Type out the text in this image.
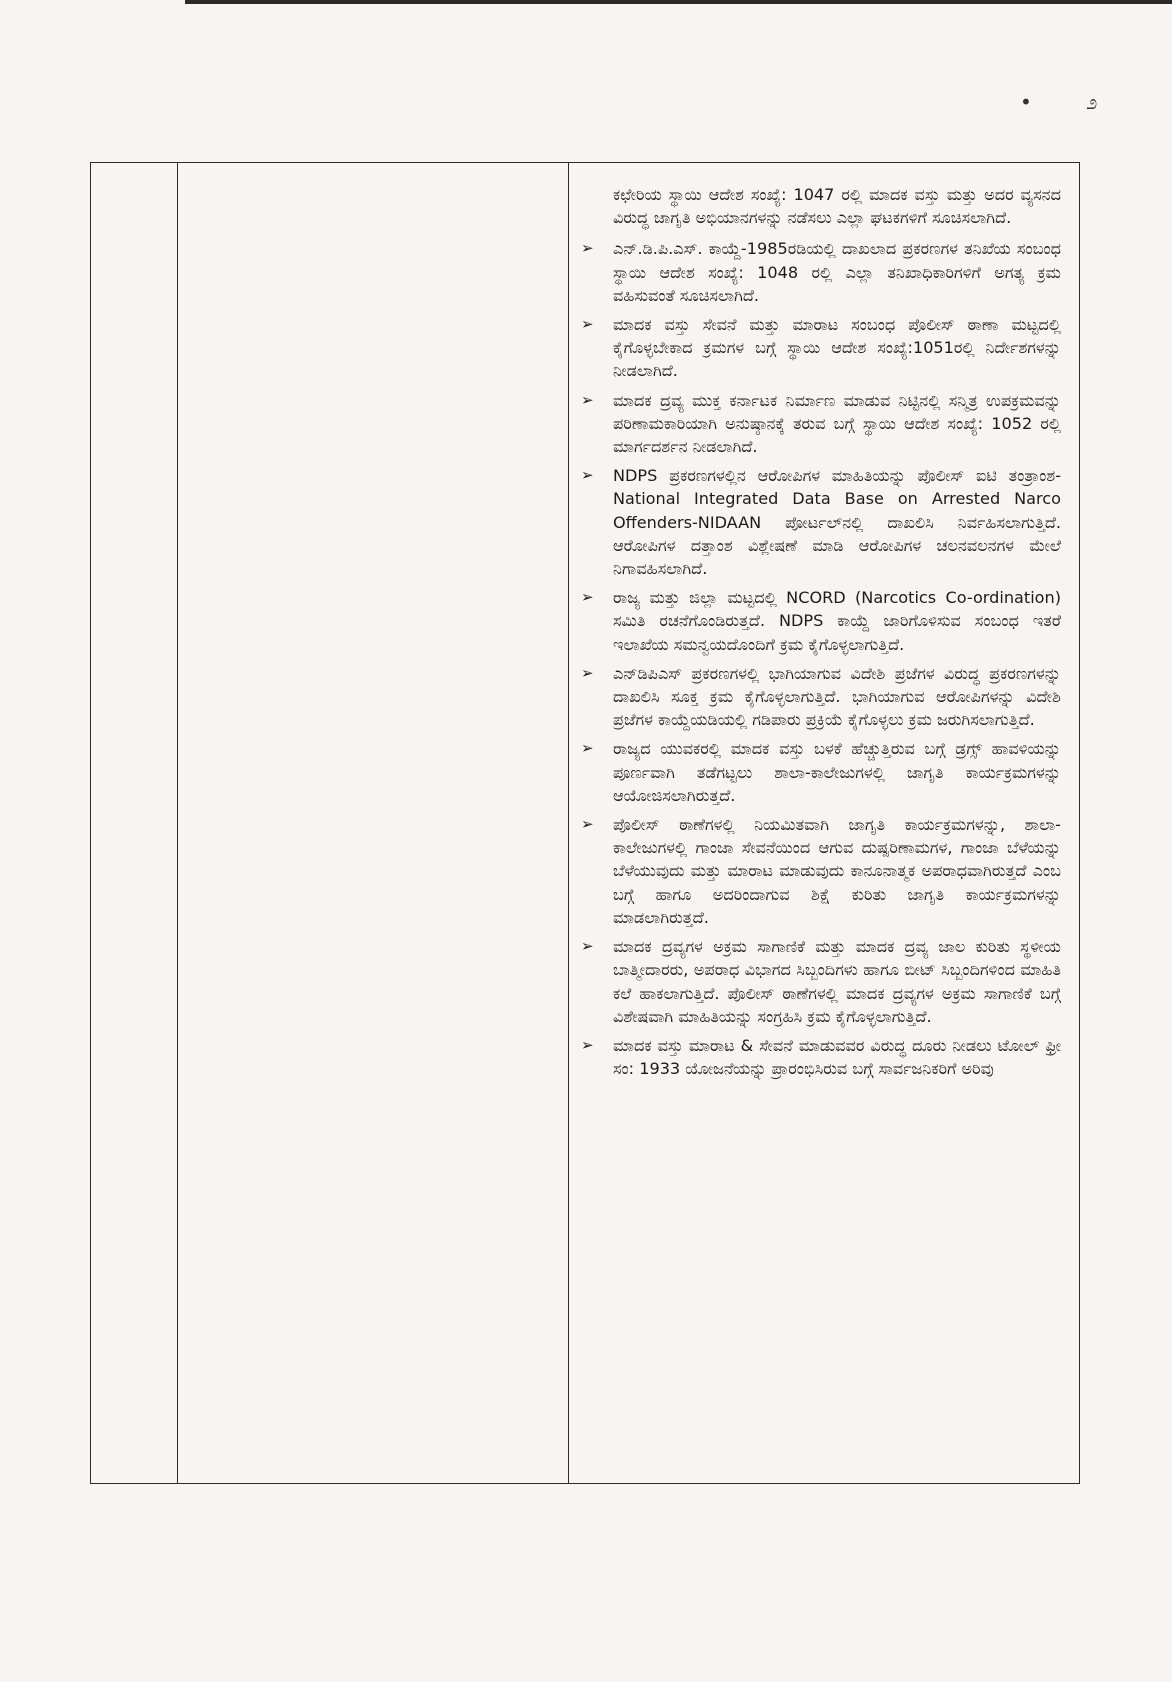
• ೨

ಕಛೇರಿಯ ಸ್ಥಾಯಿ ಆದೇಶ ಸಂಖ್ಯೆ: 1047 ರಲ್ಲಿ ಮಾದಕ ವಸ್ತು ಮತ್ತು ಅದರ ವ್ಯಸನದ ವಿರುದ್ಧ ಜಾಗೃತಿ ಅಭಿಯಾನಗಳನ್ನು ನಡೆಸಲು ಎಲ್ಲಾ ಘಟಕಗಳಿಗೆ ಸೂಚಿಸಲಾಗಿದೆ.

➢	ಎನ್.ಡಿ.ಪಿ.ಎಸ್. ಕಾಯ್ದೆ-1985ರಡಿಯಲ್ಲಿ ದಾಖಲಾದ ಪ್ರಕರಣಗಳ ತನಿಖೆಯ ಸಂಬಂಧ ಸ್ಥಾಯಿ ಆದೇಶ ಸಂಖ್ಯೆ: 1048 ರಲ್ಲಿ ಎಲ್ಲಾ ತನಿಖಾಧಿಕಾರಿಗಳಿಗೆ ಅಗತ್ಯ ಕ್ರಮ ವಹಿಸುವಂತೆ ಸೂಚಿಸಲಾಗಿದೆ.
➢	ಮಾದಕ ವಸ್ತು ಸೇವನೆ ಮತ್ತು ಮಾರಾಟ ಸಂಬಂಧ ಪೊಲೀಸ್ ಠಾಣಾ ಮಟ್ಟದಲ್ಲಿ ಕೈಗೊಳ್ಳಬೇಕಾದ ಕ್ರಮಗಳ ಬಗ್ಗೆ ಸ್ಥಾಯಿ ಆದೇಶ ಸಂಖ್ಯೆ:1051ರಲ್ಲಿ ನಿರ್ದೇಶಗಳನ್ನು ನೀಡಲಾಗಿದೆ.
➢	ಮಾದಕ ದ್ರವ್ಯ ಮುಕ್ತ ಕರ್ನಾಟಕ ನಿರ್ಮಾಣ ಮಾಡುವ ನಿಟ್ಟಿನಲ್ಲಿ ಸನ್ಮಿತ್ರ ಉಪಕ್ರಮವನ್ನು ಪರಿಣಾಮಕಾರಿಯಾಗಿ ಅನುಷ್ಠಾನಕ್ಕೆ ತರುವ ಬಗ್ಗೆ ಸ್ಥಾಯಿ ಆದೇಶ ಸಂಖ್ಯೆ: 1052 ರಲ್ಲಿ ಮಾರ್ಗದರ್ಶನ ನೀಡಲಾಗಿದೆ.
➢	NDPS ಪ್ರಕರಣಗಳಲ್ಲಿನ ಆರೋಪಿಗಳ ಮಾಹಿತಿಯನ್ನು ಪೊಲೀಸ್ ಐಟಿ ತಂತ್ರಾಂಶ-National Integrated Data Base on Arrested Narco Offenders-NIDAAN ಪೋರ್ಟಲ್‌ನಲ್ಲಿ ದಾಖಲಿಸಿ ನಿರ್ವಹಿಸಲಾಗುತ್ತಿದೆ. ಆರೋಪಿಗಳ ದತ್ತಾಂಶ ವಿಶ್ಲೇಷಣೆ ಮಾಡಿ ಆರೋಪಿಗಳ ಚಲನವಲನಗಳ ಮೇಲೆ ನಿಗಾವಹಿಸಲಾಗಿದೆ.
➢	ರಾಜ್ಯ ಮತ್ತು ಜಿಲ್ಲಾ ಮಟ್ಟದಲ್ಲಿ NCORD (Narcotics Co-ordination) ಸಮಿತಿ ರಚನೆಗೊಂಡಿರುತ್ತದೆ. NDPS ಕಾಯ್ದೆ ಜಾರಿಗೊಳಿಸುವ ಸಂಬಂಧ ಇತರೆ ಇಲಾಖೆಯ ಸಮನ್ವಯದೊಂದಿಗೆ ಕ್ರಮ ಕೈಗೊಳ್ಳಲಾಗುತ್ತಿದೆ.
➢	ಎನ್‌ಡಿಪಿಎಸ್ ಪ್ರಕರಣಗಳಲ್ಲಿ ಭಾಗಿಯಾಗುವ ವಿದೇಶಿ ಪ್ರಜೆಗಳ ವಿರುದ್ಧ ಪ್ರಕರಣಗಳನ್ನು ದಾಖಲಿಸಿ ಸೂಕ್ತ ಕ್ರಮ ಕೈಗೊಳ್ಳಲಾಗುತ್ತಿದೆ. ಭಾಗಿಯಾಗುವ ಆರೋಪಿಗಳನ್ನು ವಿದೇಶಿ ಪ್ರಜೆಗಳ ಕಾಯ್ದೆಯಡಿಯಲ್ಲಿ ಗಡಿಪಾರು ಪ್ರಕ್ರಿಯೆ ಕೈಗೊಳ್ಳಲು ಕ್ರಮ ಜರುಗಿಸಲಾಗುತ್ತಿದೆ.
➢	ರಾಜ್ಯದ ಯುವಕರಲ್ಲಿ ಮಾದಕ ವಸ್ತು ಬಳಕೆ ಹೆಚ್ಚುತ್ತಿರುವ ಬಗ್ಗೆ ಡ್ರಗ್ಸ್ ಹಾವಳಿಯನ್ನು ಪೂರ್ಣವಾಗಿ ತಡೆಗಟ್ಟಲು ಶಾಲಾ-ಕಾಲೇಜುಗಳಲ್ಲಿ ಜಾಗೃತಿ ಕಾರ್ಯಕ್ರಮಗಳನ್ನು ಆಯೋಜಿಸಲಾಗಿರುತ್ತದೆ.
➢	ಪೊಲೀಸ್ ಠಾಣೆಗಳಲ್ಲಿ ನಿಯಮಿತವಾಗಿ ಜಾಗೃತಿ ಕಾರ್ಯಕ್ರಮಗಳನ್ನು, ಶಾಲಾ-ಕಾಲೇಜುಗಳಲ್ಲಿ ಗಾಂಜಾ ಸೇವನೆಯಿಂದ ಆಗುವ ದುಷ್ಪರಿಣಾಮಗಳ, ಗಾಂಜಾ ಬೆಳೆಯನ್ನು ಬೆಳೆಯುವುದು ಮತ್ತು ಮಾರಾಟ ಮಾಡುವುದು ಕಾನೂನಾತ್ಮಕ ಅಪರಾಧವಾಗಿರುತ್ತದೆ ಎಂಬ ಬಗ್ಗೆ ಹಾಗೂ ಅದರಿಂದಾಗುವ ಶಿಕ್ಷೆ ಕುರಿತು ಜಾಗೃತಿ ಕಾರ್ಯಕ್ರಮಗಳನ್ನು ಮಾಡಲಾಗಿರುತ್ತದೆ.
➢	ಮಾದಕ ದ್ರವ್ಯಗಳ ಅಕ್ರಮ ಸಾಗಾಣಿಕೆ ಮತ್ತು ಮಾದಕ ದ್ರವ್ಯ ಜಾಲ ಕುರಿತು ಸ್ಥಳೀಯ ಬಾತ್ಮೀದಾರರು, ಅಪರಾಧ ವಿಭಾಗದ ಸಿಬ್ಬಂದಿಗಳು ಹಾಗೂ ಬೀಟ್ ಸಿಬ್ಬಂದಿಗಳಿಂದ ಮಾಹಿತಿ ಕಲೆ ಹಾಕಲಾಗುತ್ತಿದೆ. ಪೊಲೀಸ್ ಠಾಣೆಗಳಲ್ಲಿ ಮಾದಕ ದ್ರವ್ಯಗಳ ಅಕ್ರಮ ಸಾಗಾಣಿಕೆ ಬಗ್ಗೆ ವಿಶೇಷವಾಗಿ ಮಾಹಿತಿಯನ್ನು ಸಂಗ್ರಹಿಸಿ ಕ್ರಮ ಕೈಗೊಳ್ಳಲಾಗುತ್ತಿದೆ.
➢	ಮಾದಕ ವಸ್ತು ಮಾರಾಟ & ಸೇವನೆ ಮಾಡುವವರ ವಿರುದ್ಧ ದೂರು ನೀಡಲು ಟೋಲ್ ಫ್ರೀ ಸಂ: 1933 ಯೋಜನೆಯನ್ನು ಪ್ರಾರಂಭಿಸಿರುವ ಬಗ್ಗೆ ಸಾರ್ವಜನಿಕರಿಗೆ ಅರಿವು
